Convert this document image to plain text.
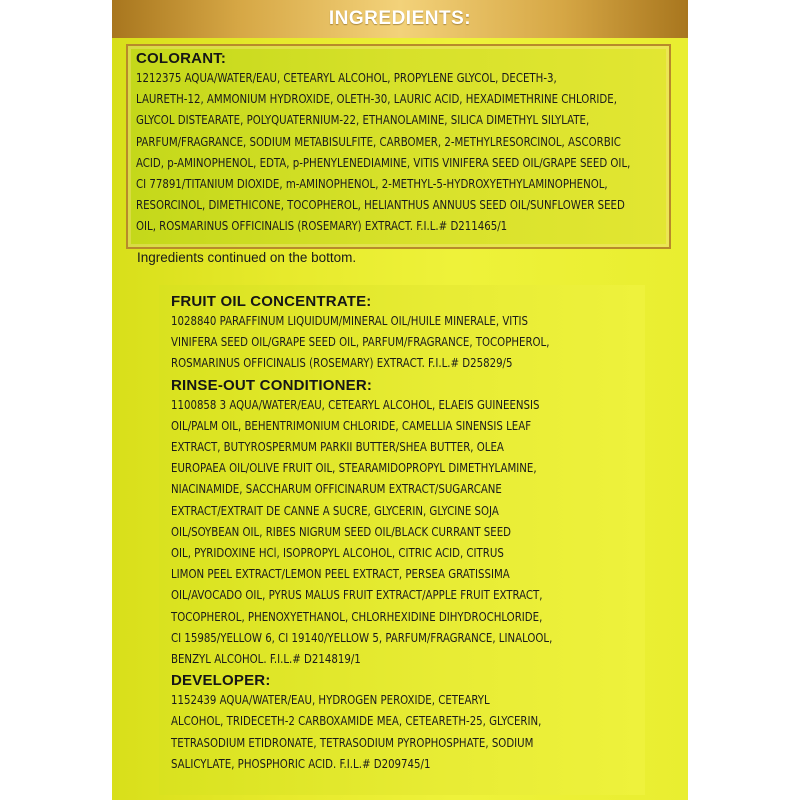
INGREDIENTS:
COLORANT:
1212375 AQUA/WATER/EAU, CETEARYL ALCOHOL, PROPYLENE GLYCOL, DECETH-3,
LAURETH-12, AMMONIUM HYDROXIDE, OLETH-30, LAURIC ACID, HEXADIMETHRINE CHLORIDE,
GLYCOL DISTEARATE, POLYQUATERNIUM-22, ETHANOLAMINE, SILICA DIMETHYL SILYLATE,
PARFUM/FRAGRANCE, SODIUM METABISULFITE, CARBOMER, 2-METHYLRESORCINOL, ASCORBIC
ACID, p-AMINOPHENOL, EDTA, p-PHENYLENEDIAMINE, VITIS VINIFERA SEED OIL/GRAPE SEED OIL,
CI 77891/TITANIUM DIOXIDE, m-AMINOPHENOL, 2-METHYL-5-HYDROXYETHYLAMINOPHENOL,
RESORCINOL, DIMETHICONE, TOCOPHEROL, HELIANTHUS ANNUUS SEED OIL/SUNFLOWER SEED
OIL, ROSMARINUS OFFICINALIS (ROSEMARY) EXTRACT. F.I.L.# D211465/1
Ingredients continued on the bottom.
FRUIT OIL CONCENTRATE:
1028840 PARAFFINUM LIQUIDUM/MINERAL OIL/HUILE MINERALE, VITIS
VINIFERA SEED OIL/GRAPE SEED OIL, PARFUM/FRAGRANCE, TOCOPHEROL,
ROSMARINUS OFFICINALIS (ROSEMARY) EXTRACT. F.I.L.# D25829/5
RINSE-OUT CONDITIONER:
1100858 3 AQUA/WATER/EAU, CETEARYL ALCOHOL, ELAEIS GUINEENSIS
OIL/PALM OIL, BEHENTRIMONIUM CHLORIDE, CAMELLIA SINENSIS LEAF
EXTRACT, BUTYROSPERMUM PARKII BUTTER/SHEA BUTTER, OLEA
EUROPAEA OIL/OLIVE FRUIT OIL, STEARAMIDOPROPYL DIMETHYLAMINE,
NIACINAMIDE, SACCHARUM OFFICINARUM EXTRACT/SUGARCANE
EXTRACT/EXTRAIT DE CANNE A SUCRE, GLYCERIN, GLYCINE SOJA
OIL/SOYBEAN OIL, RIBES NIGRUM SEED OIL/BLACK CURRANT SEED
OIL, PYRIDOXINE HCl, ISOPROPYL ALCOHOL, CITRIC ACID, CITRUS
LIMON PEEL EXTRACT/LEMON PEEL EXTRACT, PERSEA GRATISSIMA
OIL/AVOCADO OIL, PYRUS MALUS FRUIT EXTRACT/APPLE FRUIT EXTRACT,
TOCOPHEROL, PHENOXYETHANOL, CHLORHEXIDINE DIHYDROCHLORIDE,
CI 15985/YELLOW 6, CI 19140/YELLOW 5, PARFUM/FRAGRANCE, LINALOOL,
BENZYL ALCOHOL. F.I.L.# D214819/1
DEVELOPER:
1152439 AQUA/WATER/EAU, HYDROGEN PEROXIDE, CETEARYL
ALCOHOL, TRIDECETH-2 CARBOXAMIDE MEA, CETEARETH-25, GLYCERIN,
TETRASODIUM ETIDRONATE, TETRASODIUM PYROPHOSPHATE, SODIUM
SALICYLATE, PHOSPHORIC ACID. F.I.L.# D209745/1
